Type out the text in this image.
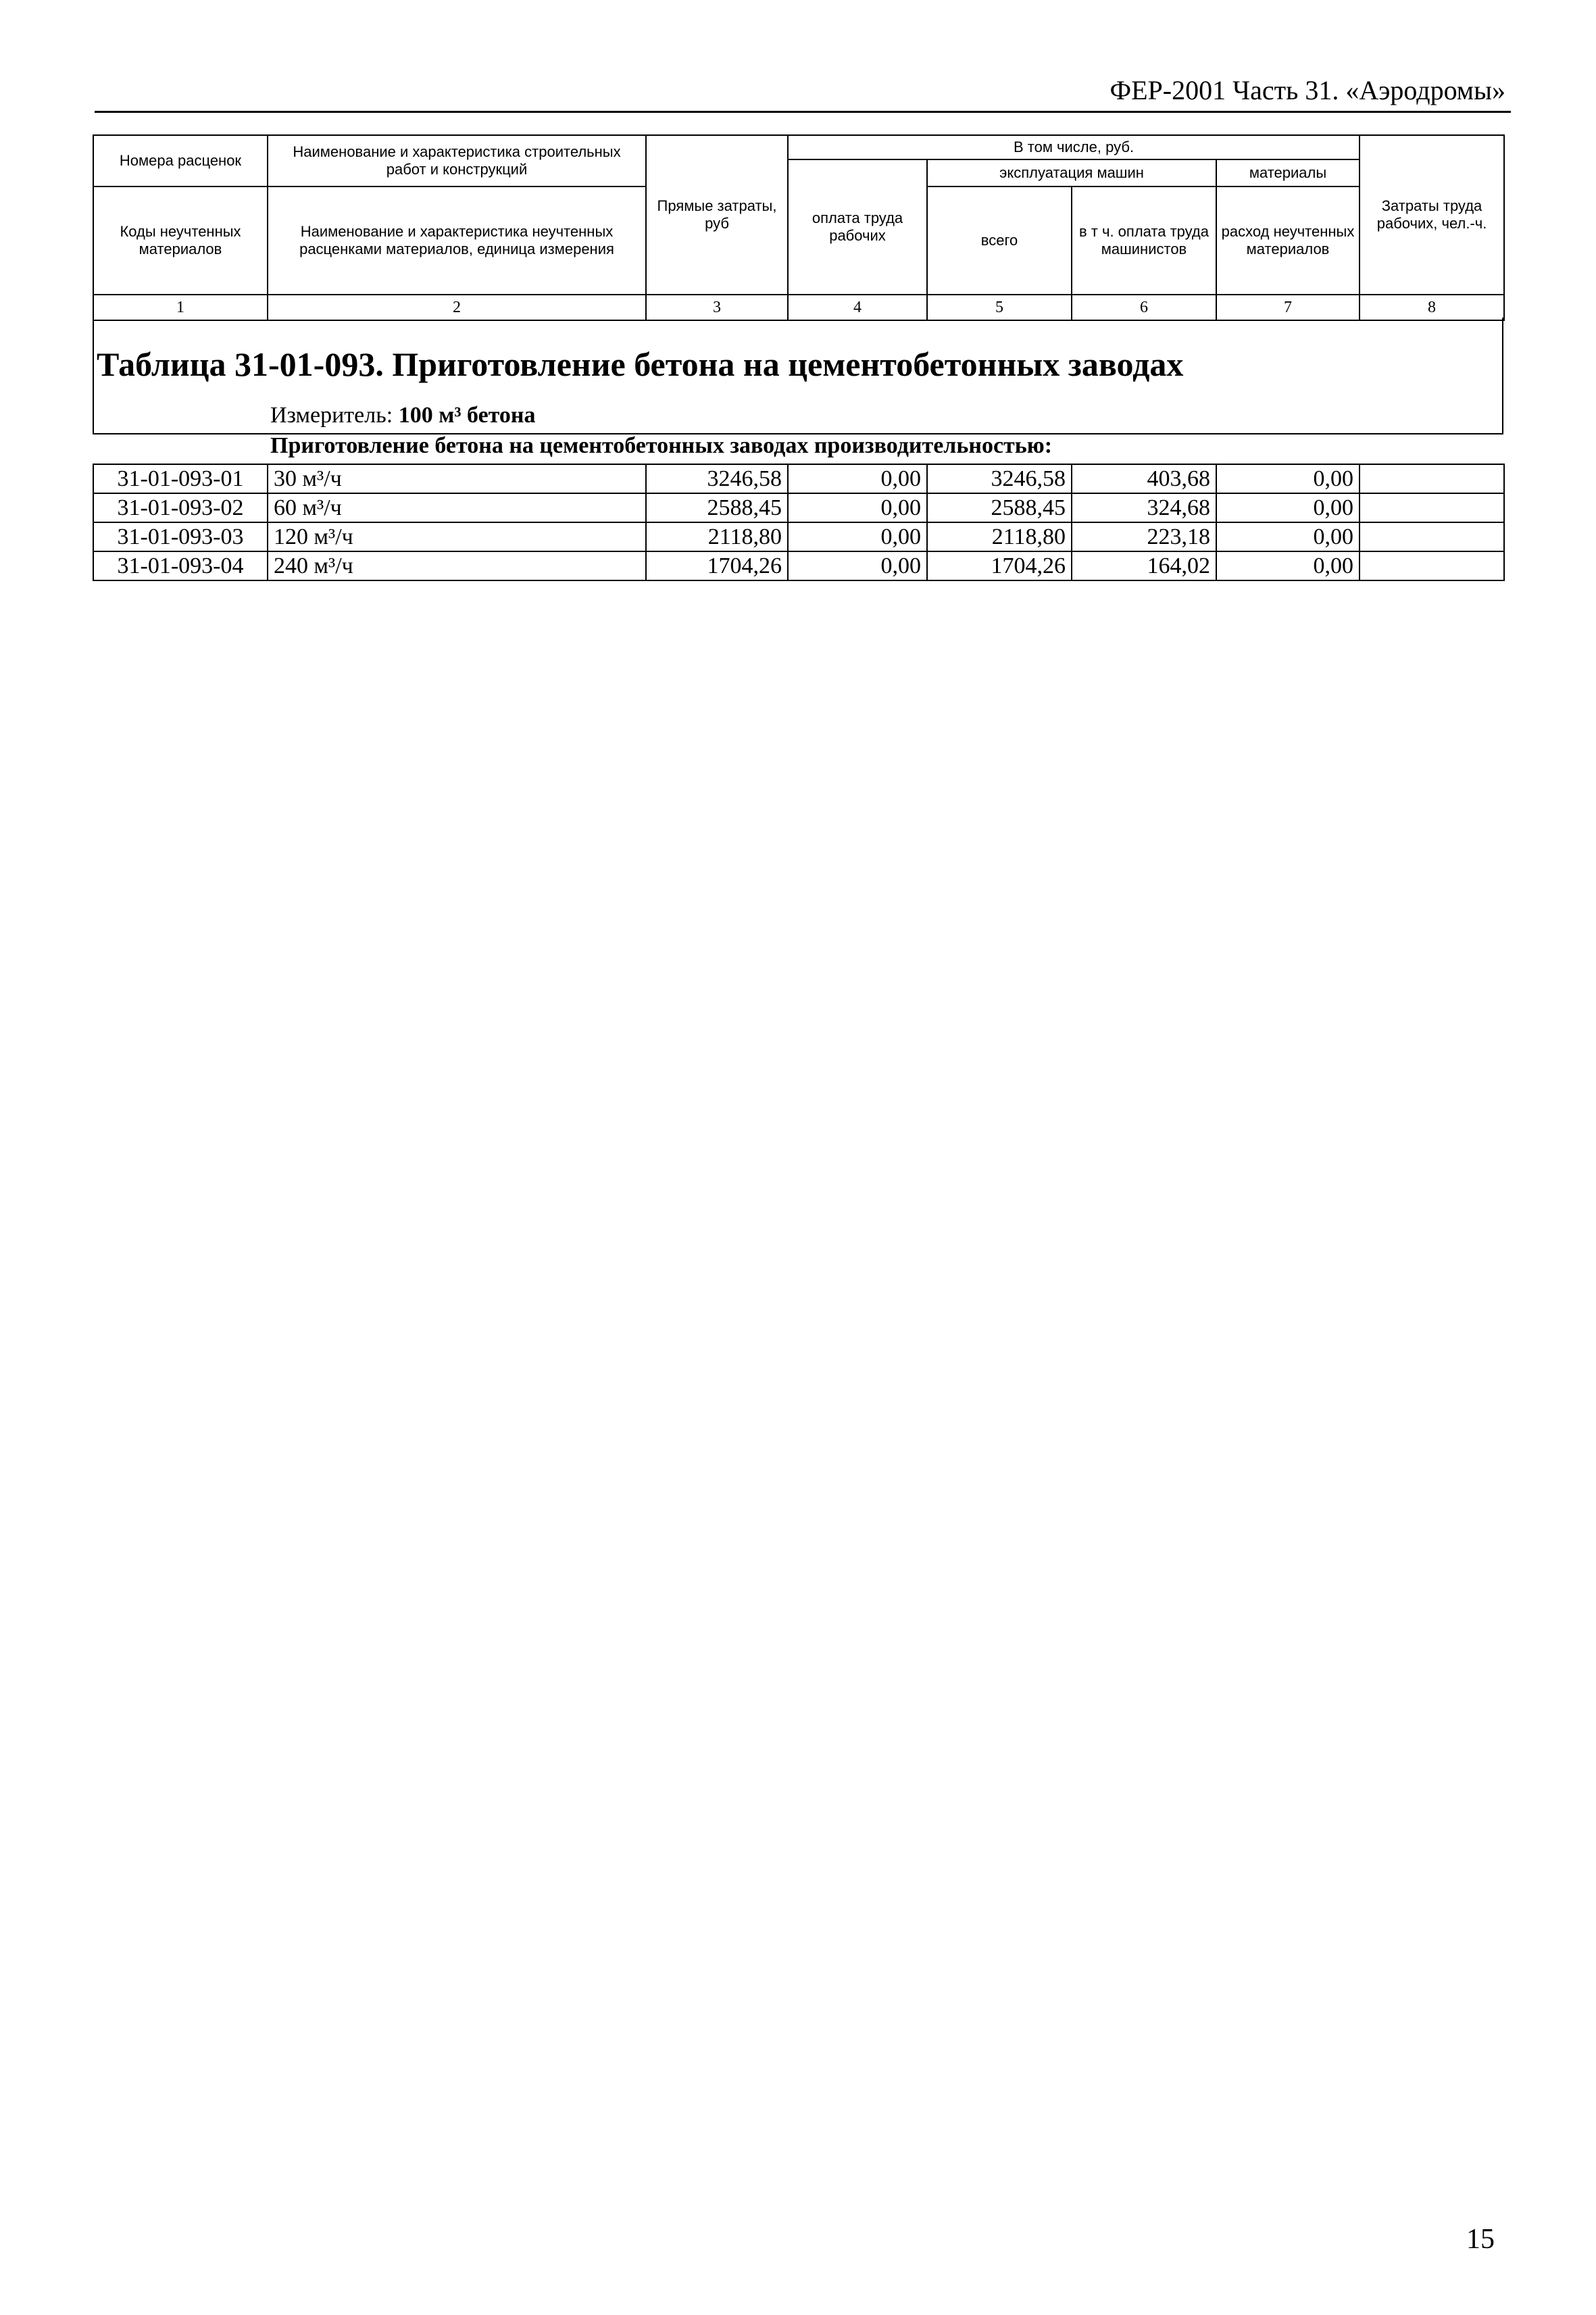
ФЕР-2001 Часть 31. «Аэродромы»
Номера расценок	Наименование и характеристика строительных работ и конструкций	Прямые затраты, руб	В том числе, руб.				Затраты труда рабочих, чел.-ч.
			оплата труда рабочих	эксплуатация машин		материалы	
Коды неучтенных материалов	Наименование и характеристика неучтенных расценками материалов, единица измерения			всего	в т ч. оплата труда машинистов	расход неучтенных материалов	

1	2	3	4	5	6	7	8
Таблица 31-01-093. Приготовление бетона на цементобетонных заводах
Измеритель: 100 м³ бетона
Приготовление бетона на цементобетонных заводах производительностью:
31-01-093-01	30 м³/ч	3246,58	0,00	3246,58	403,68	0,00	
31-01-093-02	60 м³/ч	2588,45	0,00	2588,45	324,68	0,00	
31-01-093-03	120 м³/ч	2118,80	0,00	2118,80	223,18	0,00	
31-01-093-04	240 м³/ч	1704,26	0,00	1704,26	164,02	0,00	
15
